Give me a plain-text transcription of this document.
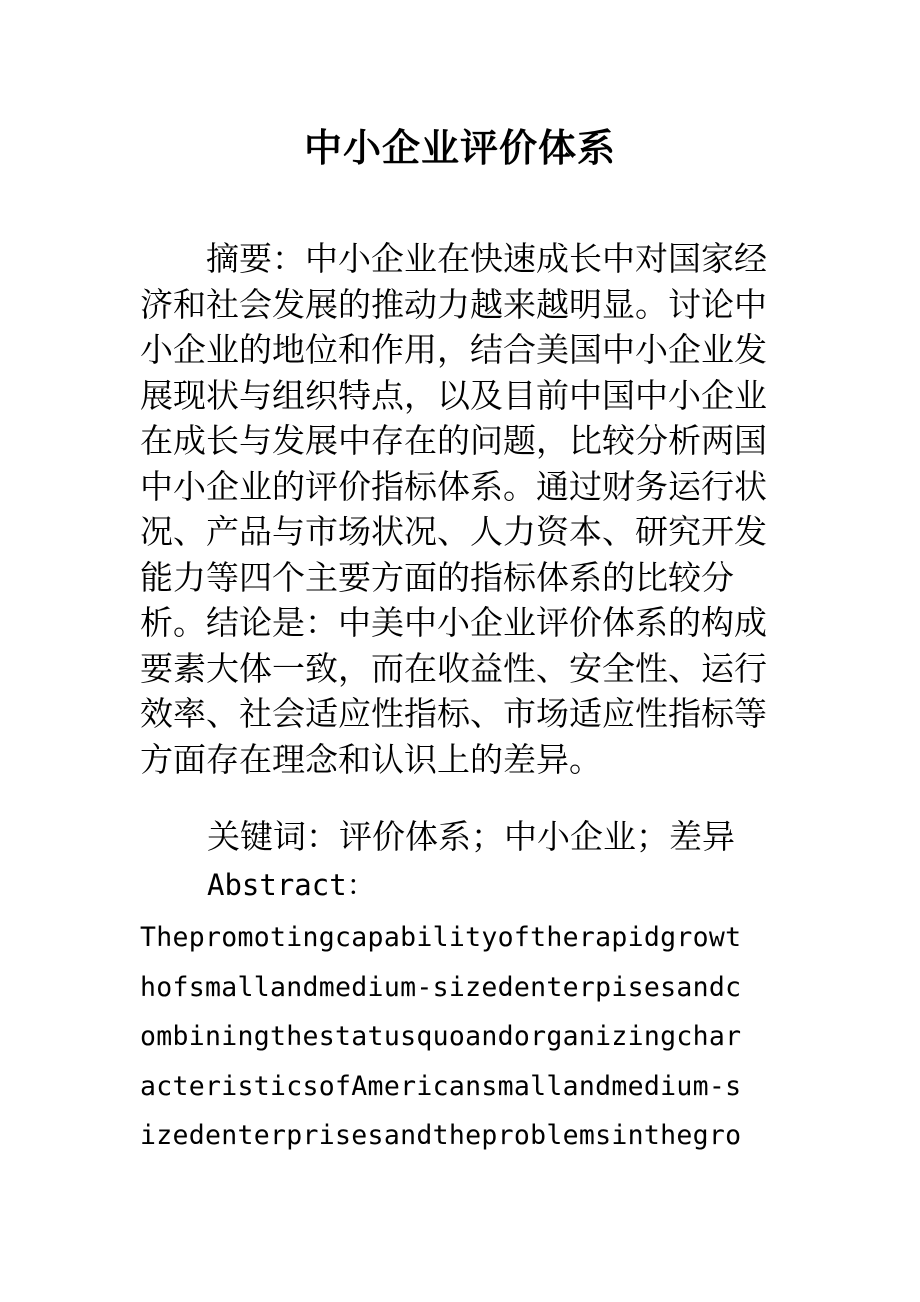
中小企业评价体系
　　摘要：中小企业在快速成长中对国家经
济和社会发展的推动力越来越明显。讨论中
小企业的地位和作用，结合美国中小企业发
展现状与组织特点，以及目前中国中小企业
在成长与发展中存在的问题，比较分析两国
中小企业的评价指标体系。通过财务运行状
况、产品与市场状况、人力资本、研究开发
能力等四个主要方面的指标体系的比较分
析。结论是：中美中小企业评价体系的构成
要素大体一致，而在收益性、安全性、运行
效率、社会适应性指标、市场适应性指标等
方面存在理念和认识上的差异。
关键词：评价体系；中小企业；差异
Abstract：
Thepromotingcapabilityoftherapidgrowt
hofsmallandmedium-sizedenterpisesandc
ombiningthestatusquoandorganizingchar
acteristicsofAmericansmallandmedium-s
izedenterprisesandtheproblemsinthegro
